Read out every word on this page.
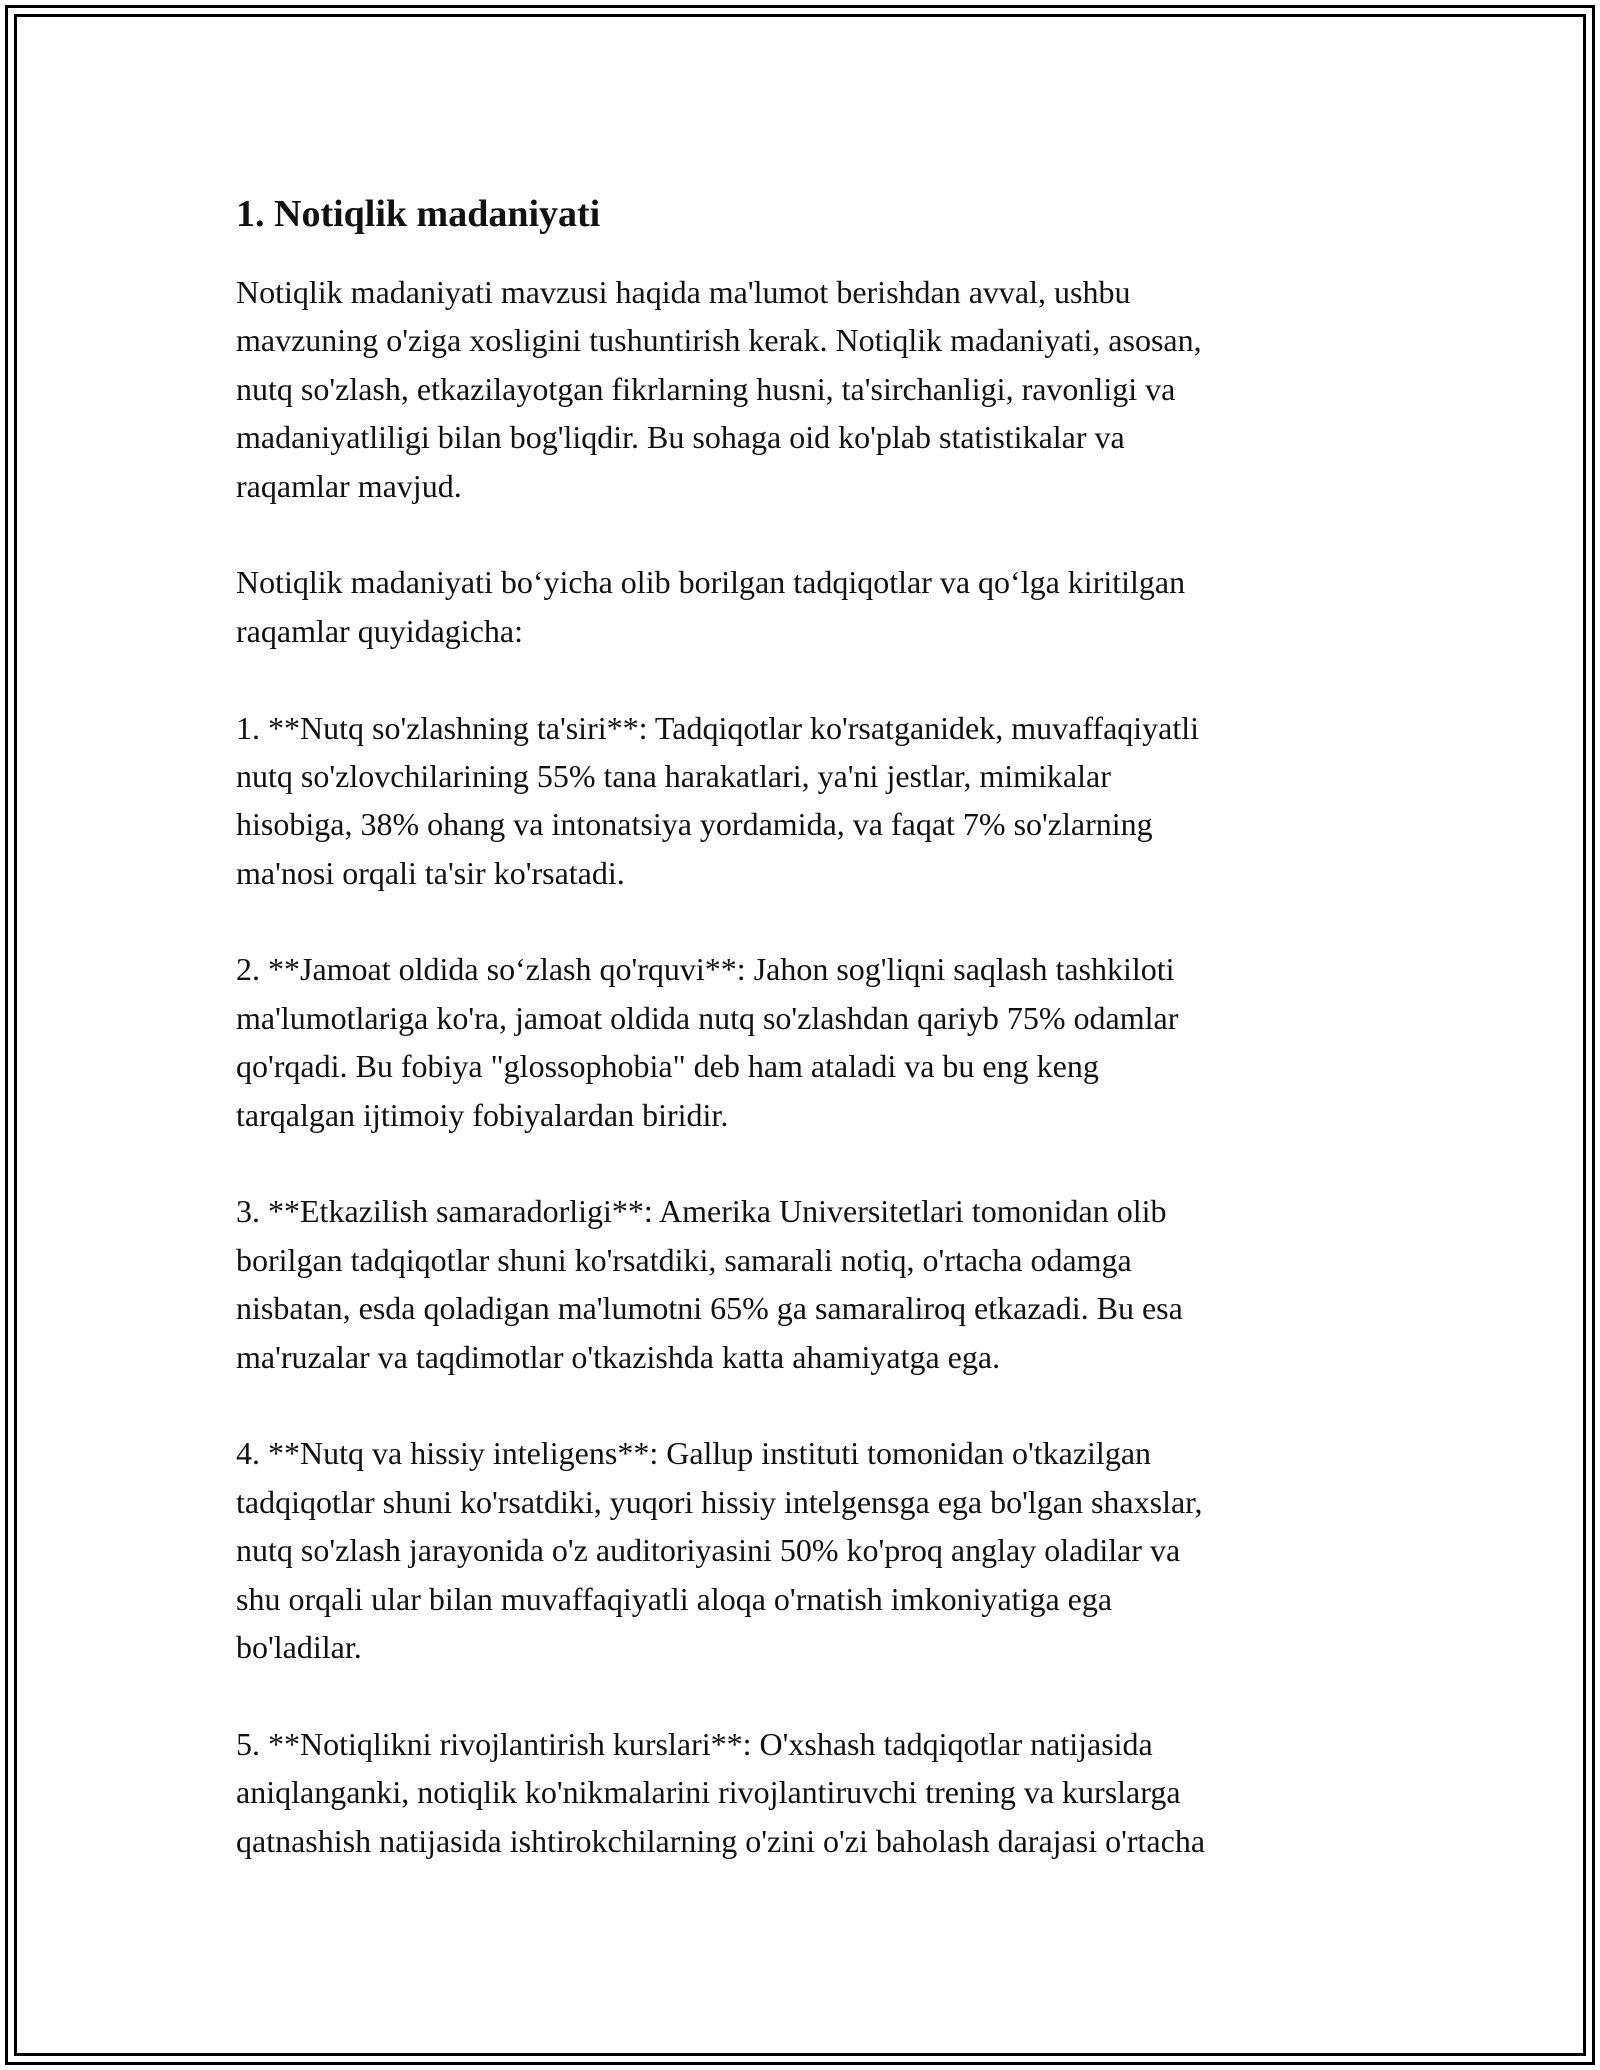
1. Notiqlik madaniyati
Notiqlik madaniyati mavzusi haqida ma'lumot berishdan avval, ushbu
mavzuning o'ziga xosligini tushuntirish kerak. Notiqlik madaniyati, asosan,
nutq so'zlash, etkazilayotgan fikrlarning husni, ta'sirchanligi, ravonligi va
madaniyatliligi bilan bog'liqdir. Bu sohaga oid ko'plab statistikalar va
raqamlar mavjud.
Notiqlik madaniyati bo‘yicha olib borilgan tadqiqotlar va qo‘lga kiritilgan
raqamlar quyidagicha:
1. **Nutq so'zlashning ta'siri**: Tadqiqotlar ko'rsatganidek, muvaffaqiyatli
nutq so'zlovchilarining 55% tana harakatlari, ya'ni jestlar, mimikalar
hisobiga, 38% ohang va intonatsiya yordamida, va faqat 7% so'zlarning
ma'nosi orqali ta'sir ko'rsatadi.
2. **Jamoat oldida so‘zlash qo'rquvi**: Jahon sog'liqni saqlash tashkiloti
ma'lumotlariga ko'ra, jamoat oldida nutq so'zlashdan qariyb 75% odamlar
qo'rqadi. Bu fobiya "glossophobia" deb ham ataladi va bu eng keng
tarqalgan ijtimoiy fobiyalardan biridir.
3. **Etkazilish samaradorligi**: Amerika Universitetlari tomonidan olib
borilgan tadqiqotlar shuni ko'rsatdiki, samarali notiq, o'rtacha odamga
nisbatan, esda qoladigan ma'lumotni 65% ga samaraliroq etkazadi. Bu esa
ma'ruzalar va taqdimotlar o'tkazishda katta ahamiyatga ega.
4. **Nutq va hissiy inteligens**: Gallup instituti tomonidan o'tkazilgan
tadqiqotlar shuni ko'rsatdiki, yuqori hissiy intelgensga ega bo'lgan shaxslar,
nutq so'zlash jarayonida o'z auditoriyasini 50% ko'proq anglay oladilar va
shu orqali ular bilan muvaffaqiyatli aloqa o'rnatish imkoniyatiga ega
bo'ladilar.
5. **Notiqlikni rivojlantirish kurslari**: O'xshash tadqiqotlar natijasida
aniqlanganki, notiqlik ko'nikmalarini rivojlantiruvchi trening va kurslarga
qatnashish natijasida ishtirokchilarning o'zini o'zi baholash darajasi o'rtacha
